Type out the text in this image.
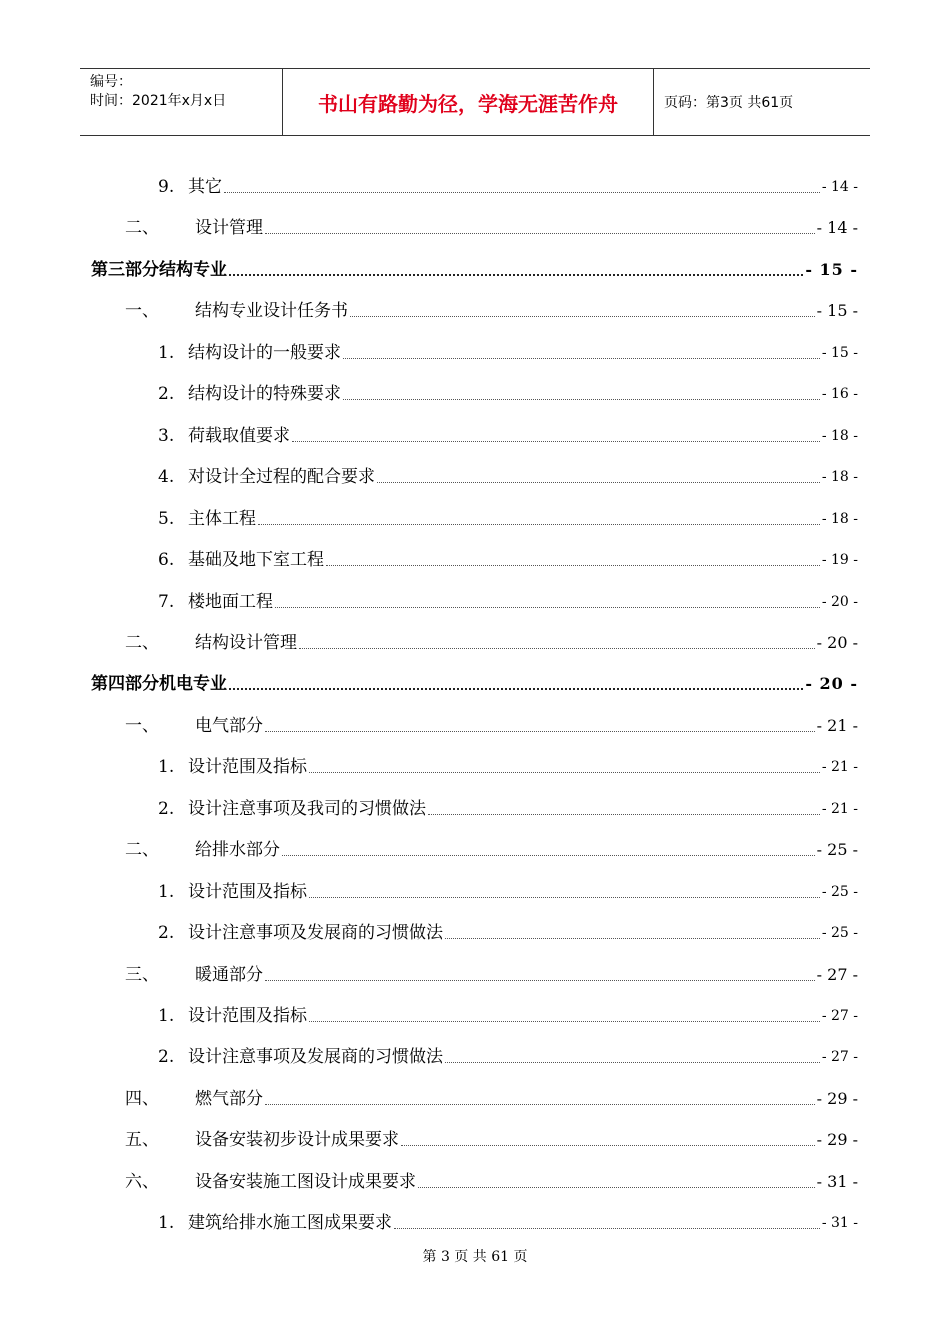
编号：
时间：2021年x月x日	书山有路勤为径，学海无涯苦作舟	页码：第3页 共61页
9. 其它	- 14 -
二、	设计管理	- 14 -
第三部分结构专业	- 15 -
一、	结构专业设计任务书	- 15 -
1. 结构设计的一般要求	- 15 -
2. 结构设计的特殊要求	- 16 -
3. 荷载取值要求	- 18 -
4. 对设计全过程的配合要求	- 18 -
5. 主体工程	- 18 -
6. 基础及地下室工程	- 19 -
7. 楼地面工程	- 20 -
二、	结构设计管理	- 20 -
第四部分机电专业	- 20 -
一、	电气部分	- 21 -
1. 设计范围及指标	- 21 -
2. 设计注意事项及我司的习惯做法	- 21 -
二、	给排水部分	- 25 -
1. 设计范围及指标	- 25 -
2. 设计注意事项及发展商的习惯做法	- 25 -
三、	暖通部分	- 27 -
1. 设计范围及指标	- 27 -
2. 设计注意事项及发展商的习惯做法	- 27 -
四、	燃气部分	- 29 -
五、	设备安装初步设计成果要求	- 29 -
六、	设备安装施工图设计成果要求	- 31 -
1. 建筑给排水施工图成果要求	- 31 -
第 3 页 共 61 页
